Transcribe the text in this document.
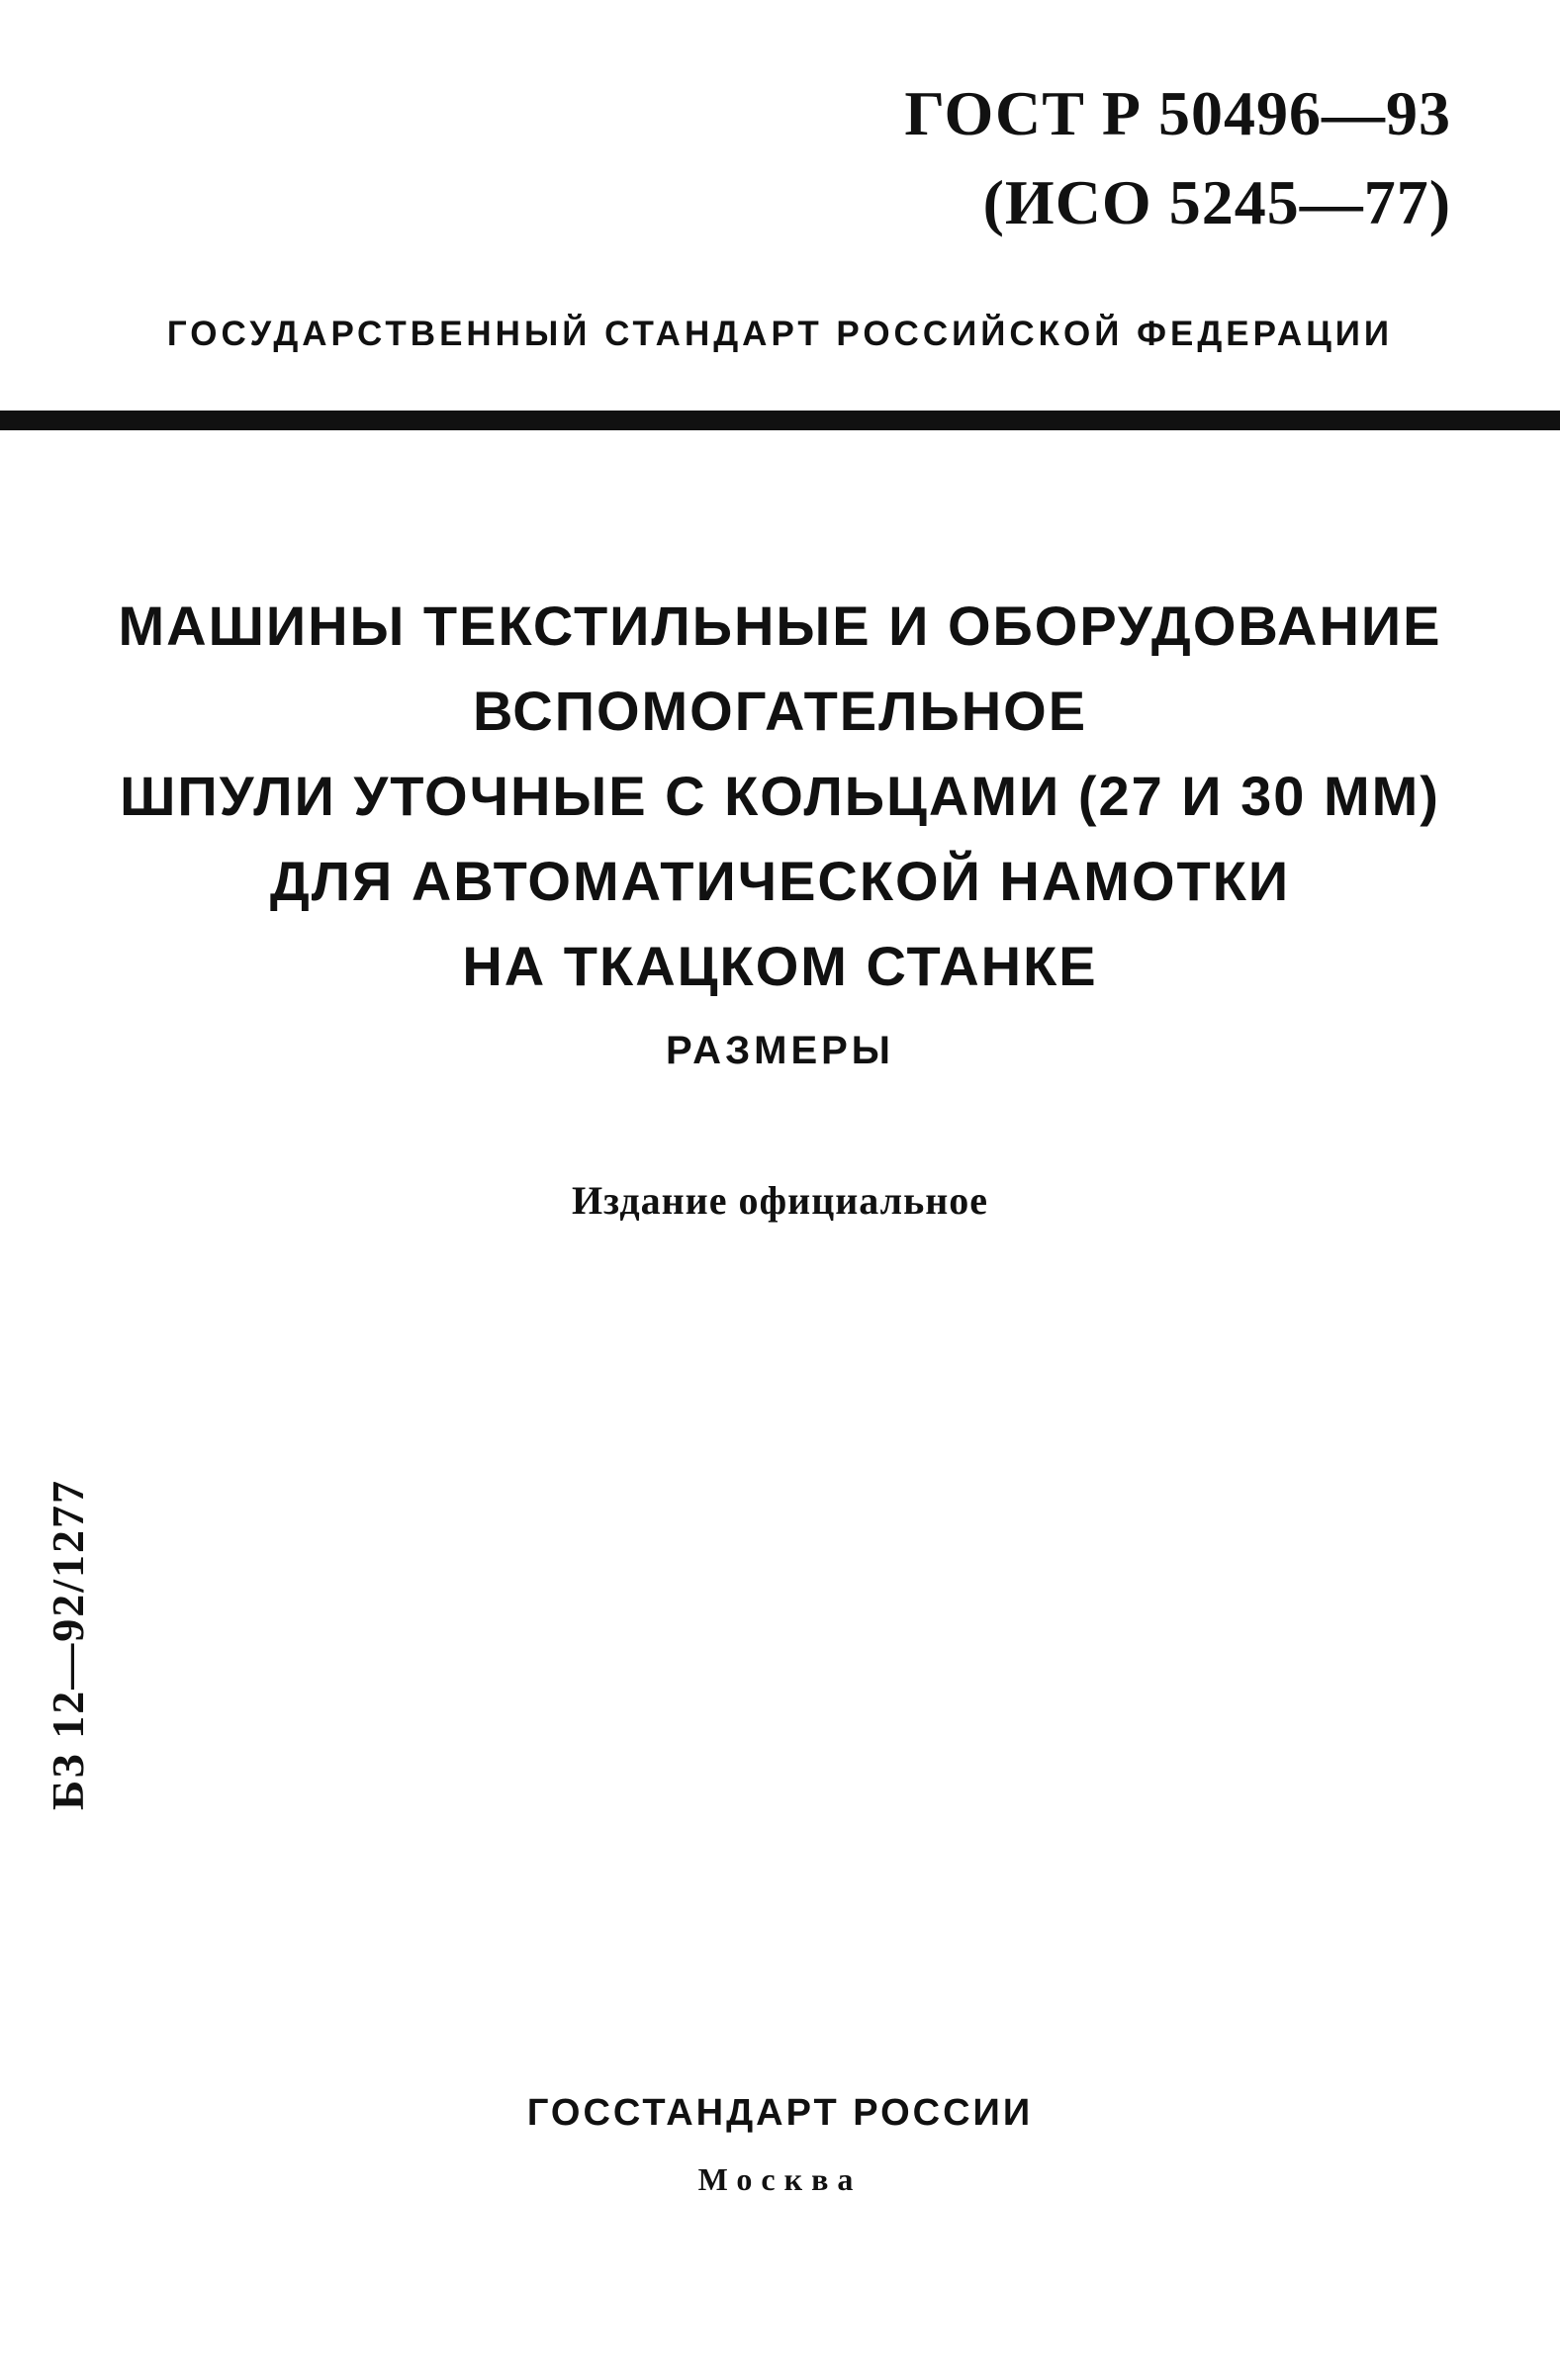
ГОСТ Р 50496—93
(ИСО 5245—77)
ГОСУДАРСТВЕННЫЙ СТАНДАРТ РОССИЙСКОЙ ФЕДЕРАЦИИ
МАШИНЫ ТЕКСТИЛЬНЫЕ И ОБОРУДОВАНИЕ
ВСПОМОГАТЕЛЬНОЕ
ШПУЛИ УТОЧНЫЕ С КОЛЬЦАМИ (27 И 30 ММ)
ДЛЯ АВТОМАТИЧЕСКОЙ НАМОТКИ
НА ТКАЦКОМ СТАНКЕ
РАЗМЕРЫ
Издание официальное
БЗ 12—92/1277
ГОССТАНДАРТ РОССИИ
Москва
